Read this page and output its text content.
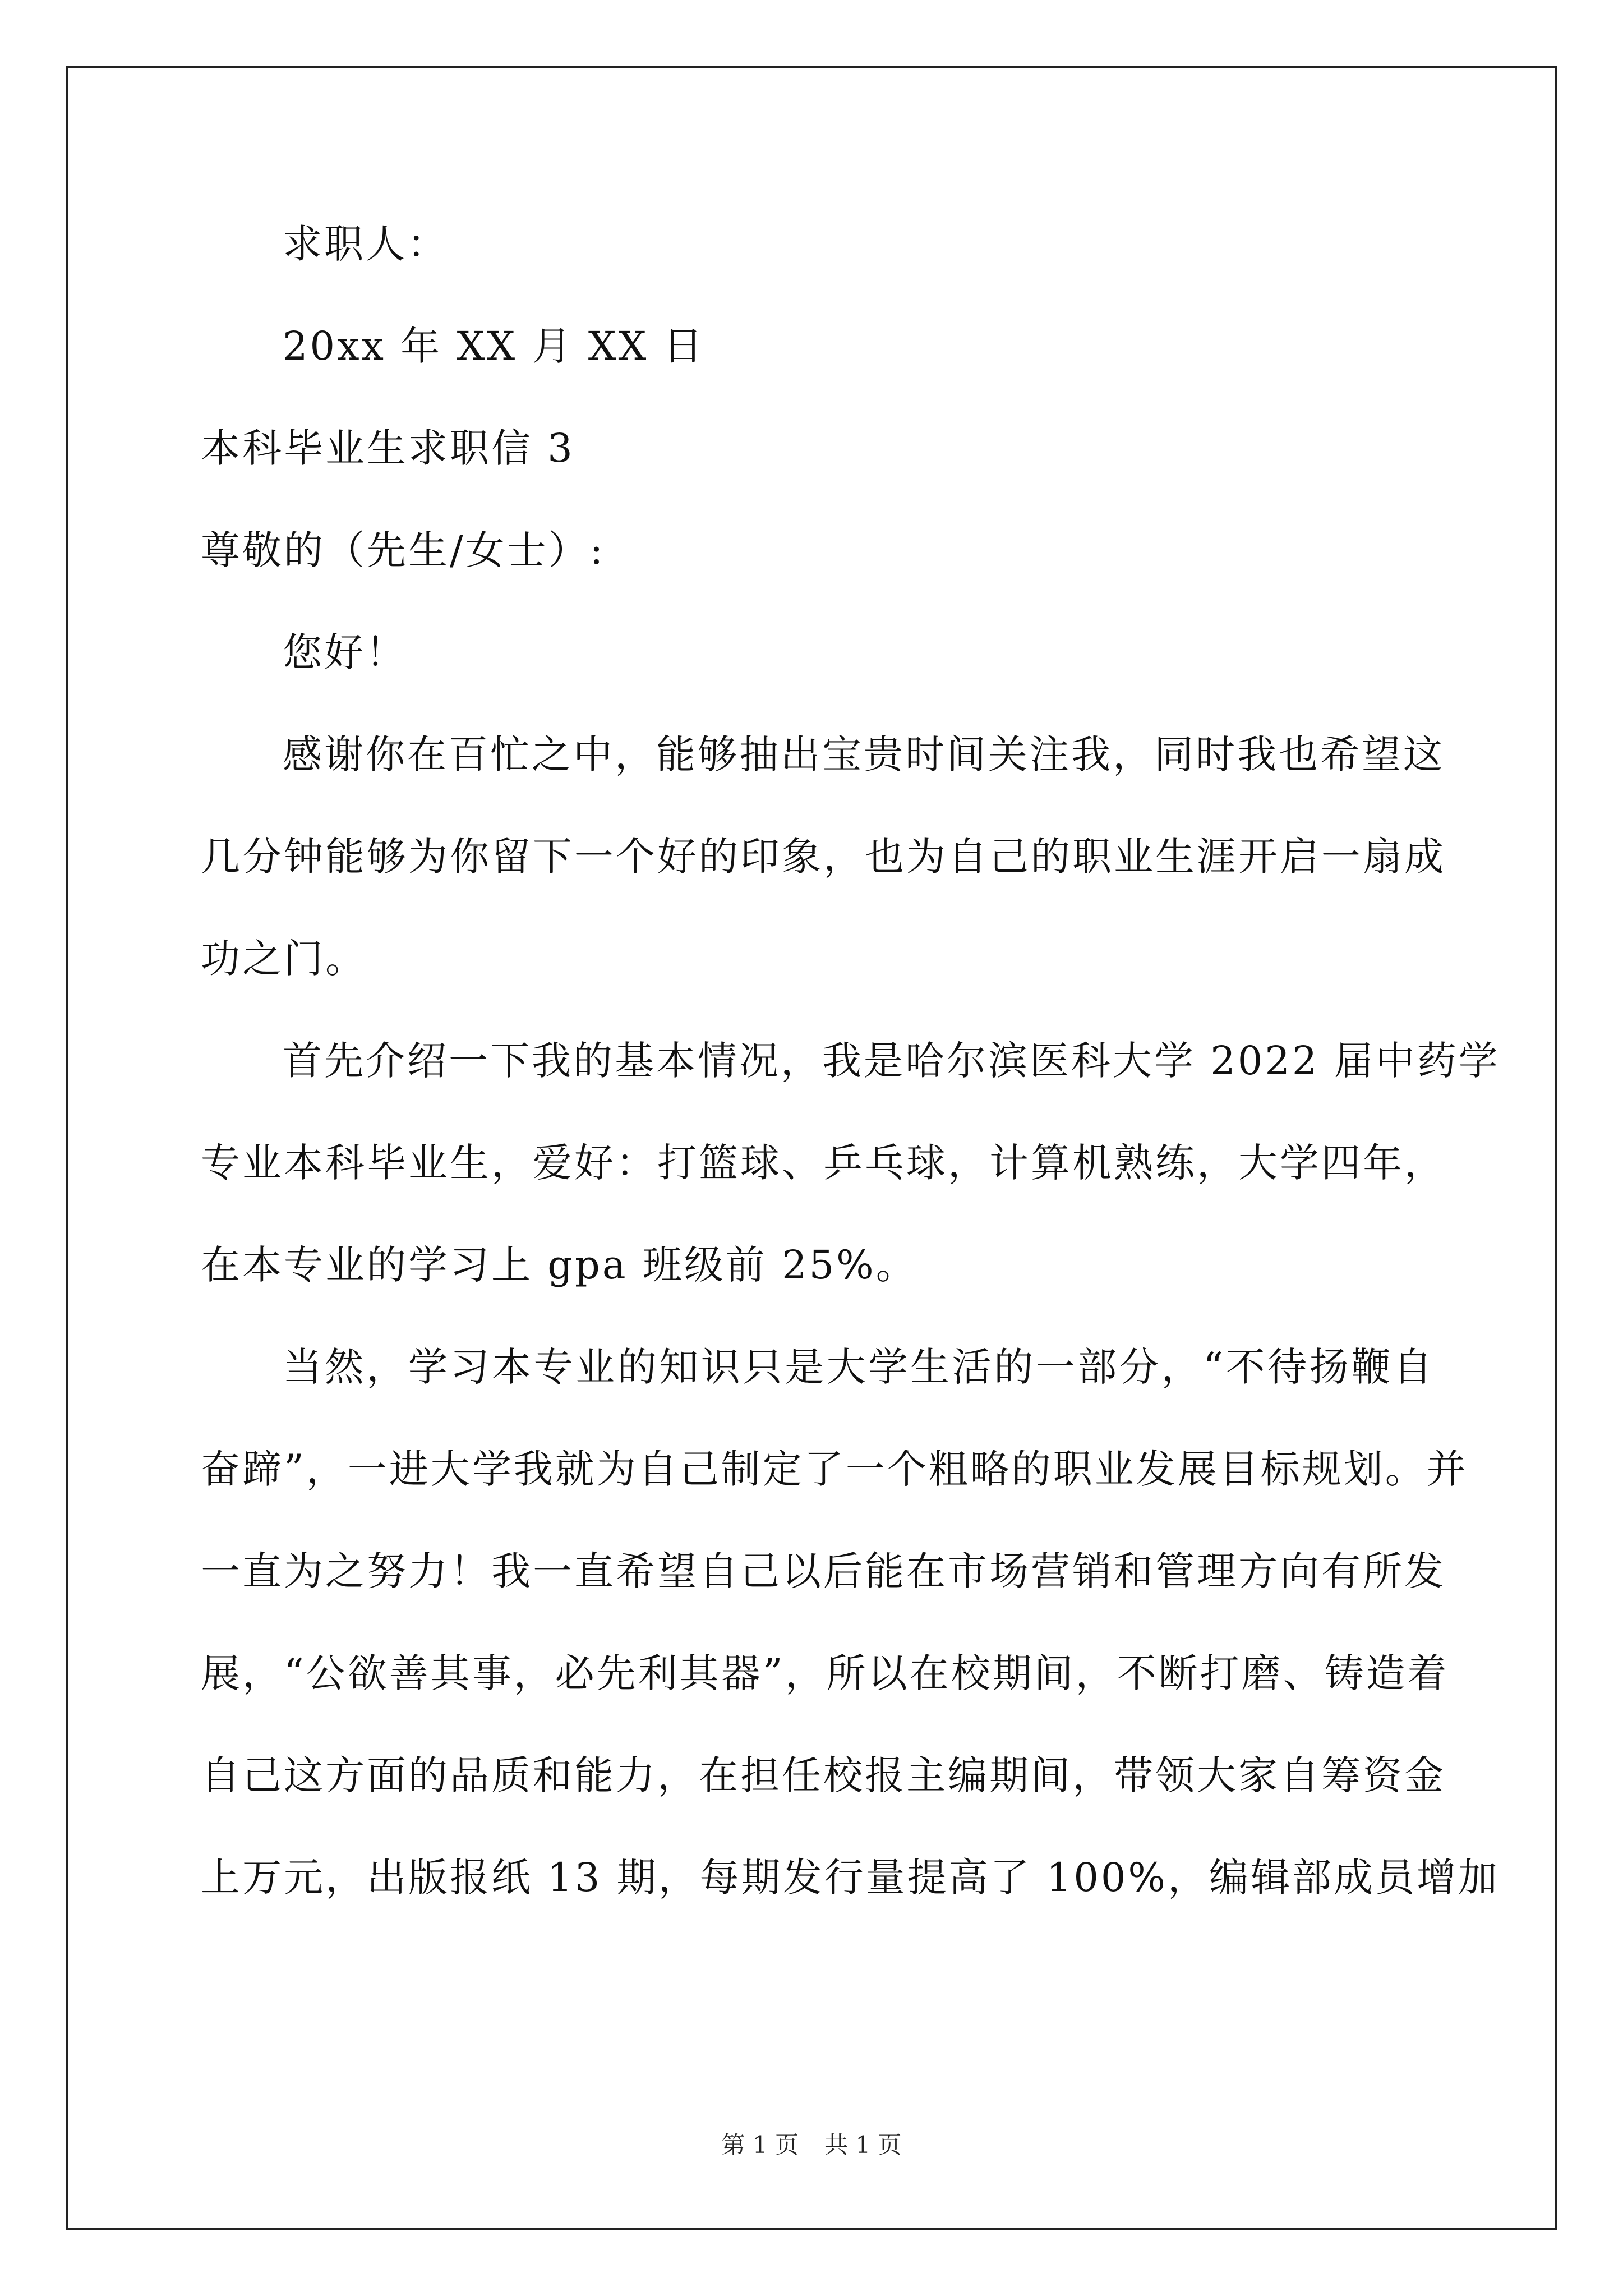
求职人：
20xx 年 XX 月 XX 日
本科毕业生求职信 3
尊敬的（先生/女士）:
您好！
感谢你在百忙之中，能够抽出宝贵时间关注我，同时我也希望这
几分钟能够为你留下一个好的印象，也为自己的职业生涯开启一扇成
功之门。
首先介绍一下我的基本情况，我是哈尔滨医科大学 2022 届中药学
专业本科毕业生，爱好：打篮球、乒乓球，计算机熟练，大学四年，
在本专业的学习上 gpa 班级前 25%。
当然，学习本专业的知识只是大学生活的一部分，“不待扬鞭自
奋蹄”，一进大学我就为自己制定了一个粗略的职业发展目标规划。并
一直为之努力！我一直希望自己以后能在市场营销和管理方向有所发
展，“公欲善其事，必先利其器”，所以在校期间，不断打磨、铸造着
自己这方面的品质和能力，在担任校报主编期间，带领大家自筹资金
上万元，出版报纸 13 期，每期发行量提高了 100%，编辑部成员增加
第 1 页 共 1 页
